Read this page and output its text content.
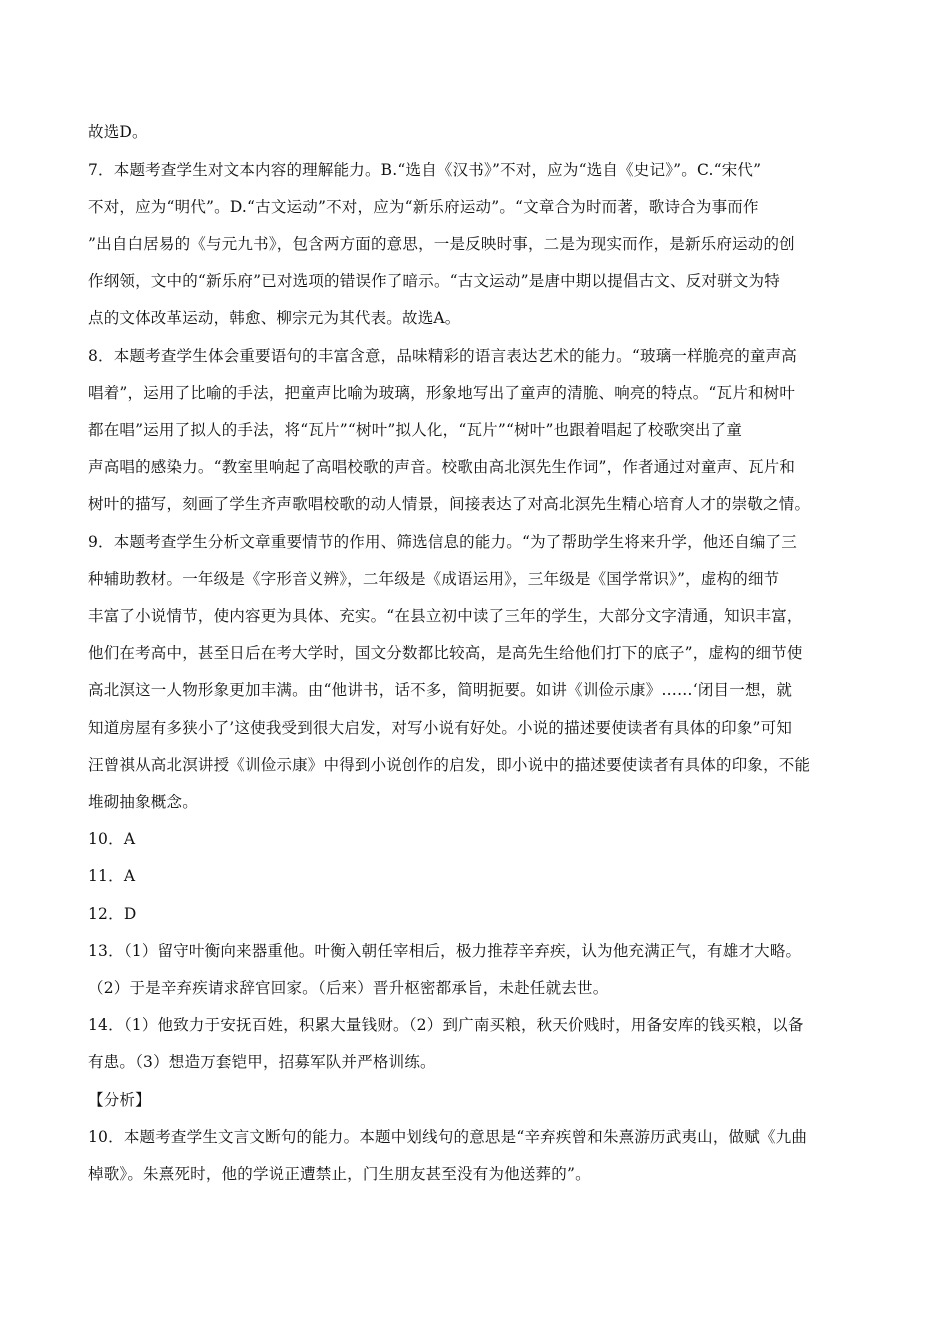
故选D。
7．本题考查学生对文本内容的理解能力。B.“选自《汉书》”不对，应为“选自《史记》”。C.“宋代”
不对，应为“明代”。D.“古文运动”不对，应为“新乐府运动”。“文章合为时而著，歌诗合为事而作
”出自白居易的《与元九书》，包含两方面的意思，一是反映时事，二是为现实而作，是新乐府运动的创
作纲领，文中的“新乐府”已对选项的错误作了暗示。“古文运动”是唐中期以提倡古文、反对骈文为特
点的文体改革运动，韩愈、柳宗元为其代表。故选A。
8．本题考查学生体会重要语句的丰富含意，品味精彩的语言表达艺术的能力。“玻璃一样脆亮的童声高
唱着”，运用了比喻的手法，把童声比喻为玻璃，形象地写出了童声的清脆、响亮的特点。“瓦片和树叶
都在唱”运用了拟人的手法，将“瓦片”“树叶”拟人化，“瓦片”“树叶”也跟着唱起了校歌突出了童
声高唱的感染力。“教室里响起了高唱校歌的声音。校歌由高北溟先生作词”，作者通过对童声、瓦片和
树叶的描写，刻画了学生齐声歌唱校歌的动人情景，间接表达了对高北溟先生精心培育人才的崇敬之情。
9．本题考查学生分析文章重要情节的作用、筛选信息的能力。“为了帮助学生将来升学，他还自编了三
种辅助教材。一年级是《字形音义辨》，二年级是《成语运用》，三年级是《国学常识》”，虚构的细节
丰富了小说情节，使内容更为具体、充实。“在县立初中读了三年的学生，大部分文字清通，知识丰富，
他们在考高中，甚至日后在考大学时，国文分数都比较高，是高先生给他们打下的底子”，虚构的细节使
高北溟这一人物形象更加丰满。由“他讲书，话不多，简明扼要。如讲《训俭示康》……‘闭目一想，就
知道房屋有多狭小了’这使我受到很大启发，对写小说有好处。小说的描述要使读者有具体的印象”可知
汪曾祺从高北溟讲授《训俭示康》中得到小说创作的启发，即小说中的描述要使读者有具体的印象，不能
堆砌抽象概念。
10．A
11．A
12．D
13．（1）留守叶衡向来器重他。叶衡入朝任宰相后，极力推荐辛弃疾，认为他充满正气，有雄才大略。
（2）于是辛弃疾请求辞官回家。（后来）晋升枢密都承旨，未赴任就去世。
14．（1）他致力于安抚百姓，积累大量钱财。（2）到广南买粮，秋天价贱时，用备安库的钱买粮，以备
有患。（3）想造万套铠甲，招募军队并严格训练。
【分析】
10．本题考查学生文言文断句的能力。本题中划线句的意思是“辛弃疾曾和朱熹游历武夷山，做赋《九曲
棹歌》。朱熹死时，他的学说正遭禁止，门生朋友甚至没有为他送葬的”。
